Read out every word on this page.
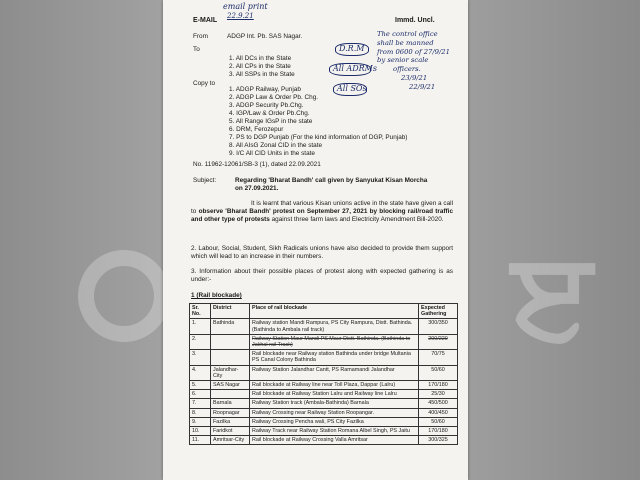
ੲ
E-MAIL	Immd. Uncl.
email print
22.9.21
From	ADGP Int. Pb. SAS Nagar.
To
1. All DCs in the State
2. All CPs in the State
3. All SSPs in the State
Copy to
1. ADGP Railway, Punjab
2. ADGP Law & Order Pb. Chg.
3. ADGP Security Pb.Chg.
4. IGP/Law & Order Pb.Chg.
5. All Range IGsP in the state
6. DRM, Ferozepur
7. PS to DGP Punjab (For the kind information of DGP, Punjab)
8. All AIsG Zonal CID in the state
9. I/C All CID Units in the state
D.R.M
All ADRMs
All SOs
The control office
shall be manned
from 0600 of 27/9/21
by senior scale
officers.
23/9/21
22/9/21
No. 11962-12061/SB-3 (1), dated 22.09.2021
Subject:	Regarding 'Bharat Bandh' call given by Sanyukat Kisan Morcha on 27.09.2021.
It is learnt that various Kisan unions active in the state have given a call to observe 'Bharat Bandh' protest on September 27, 2021 by blocking rail/road traffic and other type of protests against three farm laws and Electricity Amendment Bill-2020.
2. Labour, Social, Student, Sikh Radicals unions have also decided to provide them support which will lead to an increase in their numbers.
3. Information about their possible places of protest along with expected gathering is as under:-
1 (Rail blockade)
Sr. No.	District	Place of rail blockade	Expected Gathering
1.	Bathinda	Railway station Mandi Rampura, PS City Rampura, Distt. Bathinda. (Bathinda to Ambala rail track)	300/350
2.		Railway Station Maur Mandi PS Maur Distt. Bathinda. (Bathinda to Jakhal rail Track)	200/220
3.		Rail blockade near Railway station Bathinda under bridge Multania PS Canal Colony Bathinda	70/75
4.	Jalandhar-City	Railway Station Jalandhar Cantt, PS Ramamandi Jalandhar	50/60
5.	SAS Nagar	Rail blockade at Railway line near Toll Plaza, Dappar (Lalru)	170/180
6.		Rail blockade at Railway Station Lalru and Railway line Lalru	25/30
7.	Barnala	Railway Station track (Ambala-Bathinda) Barnala	450/500
8.	Roopnagar	Railway Crossing near Railway Station Roopangar.	400/450
9.	Fazilka	Railway Crossing Pencha wali, PS City Fazilka	50/60
10.	Faridkot	Railway Track near Railway Station Romana Albel Singh, PS Jaitu	170/180
11.	Amritsar-City	Rail blockade at Railway Crossing Valla Amritsar	300/325
